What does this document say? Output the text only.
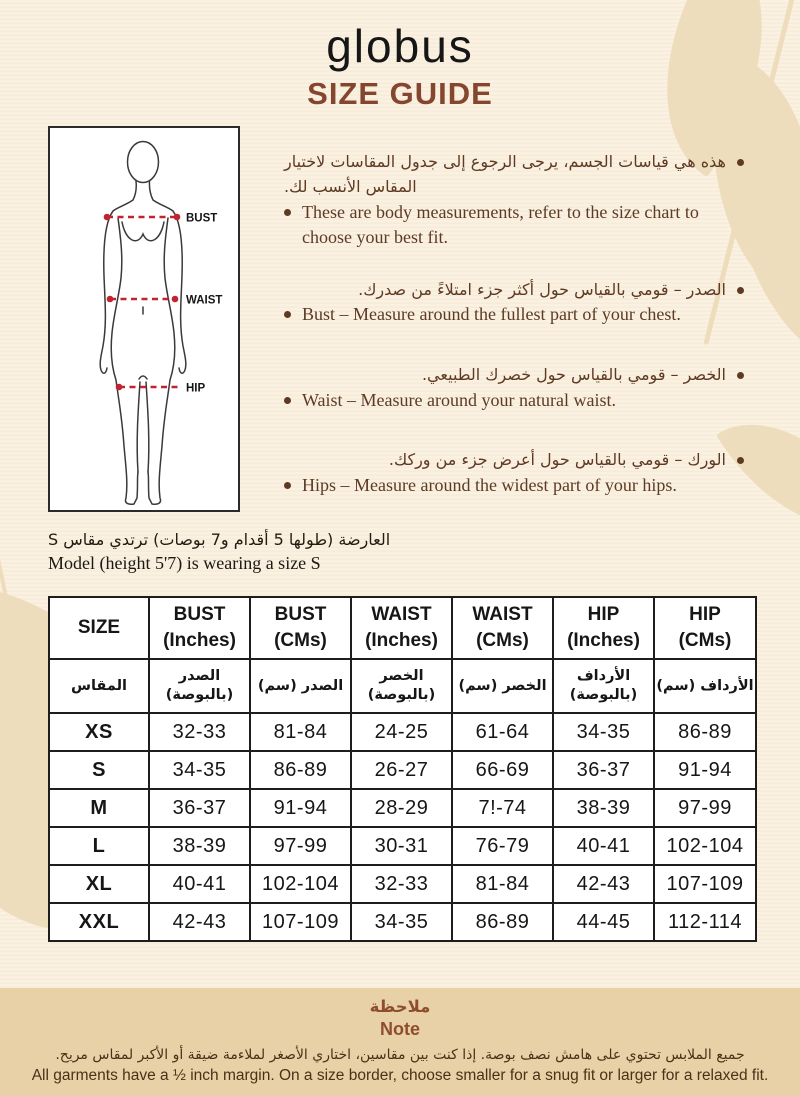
globus
SIZE GUIDE
BUST
WAIST
HIP
هذه هي قياسات الجسم، يرجى الرجوع إلى جدول المقاسات لاختيار المقاس الأنسب لك.
These are body measurements, refer to the size chart to choose your best fit.
الصدر – قومي بالقياس حول أكثر جزء امتلاءً من صدرك.
Bust – Measure around the fullest part of your chest.
الخصر – قومي بالقياس حول خصرك الطبيعي.
Waist – Measure around your natural waist.
الورك – قومي بالقياس حول أعرض جزء من وركك.
Hips – Measure around the widest part of your hips.
العارضة (طولها 5 أقدام و7 بوصات) ترتدي مقاس S
Model (height 5'7) is wearing a size S
SIZE

BUST
(Inches)

BUST
(CMs)

WAIST
(Inches)

WAIST
(CMs)

HIP
(Inches)

HIP
(CMs)

المقاس

الصدر
(بالبوصة)

الصدر (سم)

الخصر
(بالبوصة)

الخصر (سم)

الأرداف
(بالبوصة)

الأرداف (سم)

XS	32-33	81-84	24-25	61-64	34-35	86-89
S	34-35	86-89	26-27	66-69	36-37	91-94
M	36-37	91-94	28-29	7!-74	38-39	97-99
L	38-39	97-99	30-31	76-79	40-41	102-104
XL	40-41	102-104	32-33	81-84	42-43	107-109
XXL	42-43	107-109	34-35	86-89	44-45	112-114
ملاحظة
Note
جميع الملابس تحتوي على هامش نصف بوصة. إذا كنت بين مقاسين، اختاري الأصغر لملاءمة ضيقة أو الأكبر لمقاس مريح.
All garments have a ½ inch margin. On a size border, choose smaller for a snug fit or larger for a relaxed fit.
